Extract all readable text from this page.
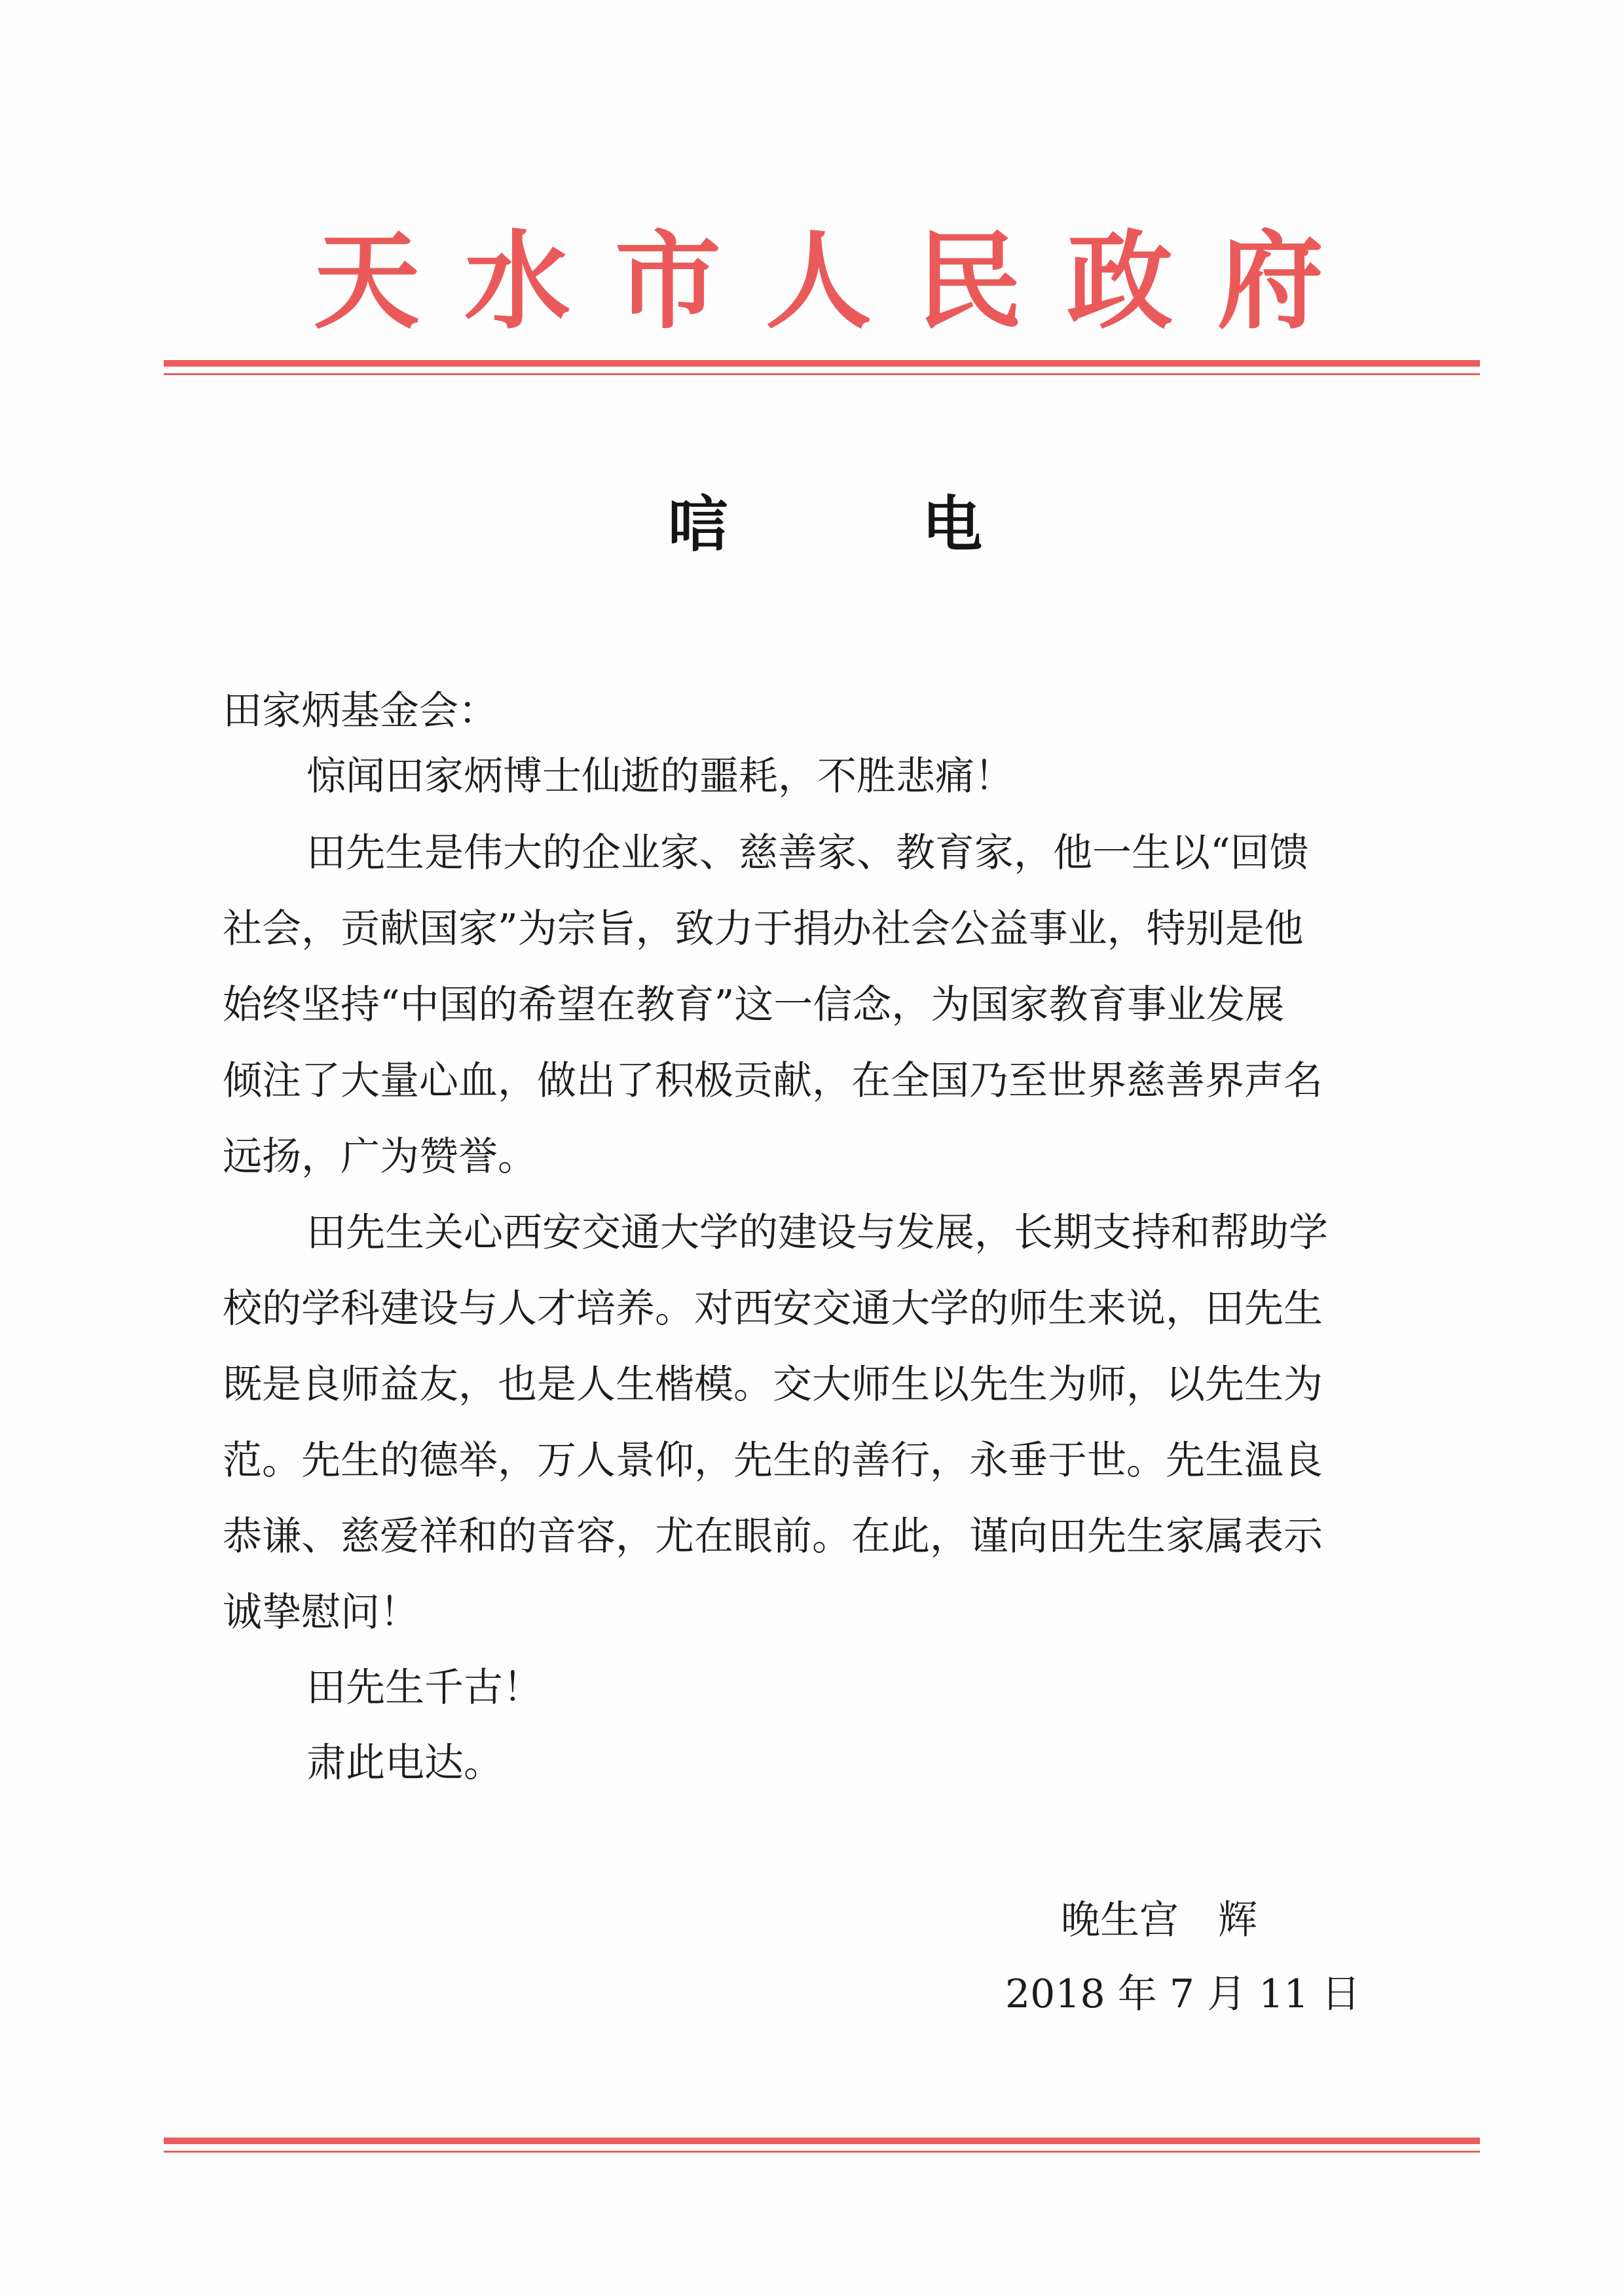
天 水 市 人 民 政 府
唁	电
田家炳基金会：
惊闻田家炳博士仙逝的噩耗，不胜悲痛！
田先生是伟大的企业家、慈善家、教育家，他一生以“回馈
社会，贡献国家”为宗旨，致力于捐办社会公益事业，特别是他
始终坚持“中国的希望在教育”这一信念，为国家教育事业发展
倾注了大量心血，做出了积极贡献，在全国乃至世界慈善界声名
远扬，广为赞誉。
田先生关心西安交通大学的建设与发展，长期支持和帮助学
校的学科建设与人才培养。对西安交通大学的师生来说，田先生
既是良师益友，也是人生楷模。交大师生以先生为师，以先生为
范。先生的德举，万人景仰，先生的善行，永垂于世。先生温良
恭谦、慈爱祥和的音容，尤在眼前。在此，谨向田先生家属表示
诚挚慰问！
田先生千古！
肃此电达。
晚生宫　辉
2018 年 7 月 11 日
